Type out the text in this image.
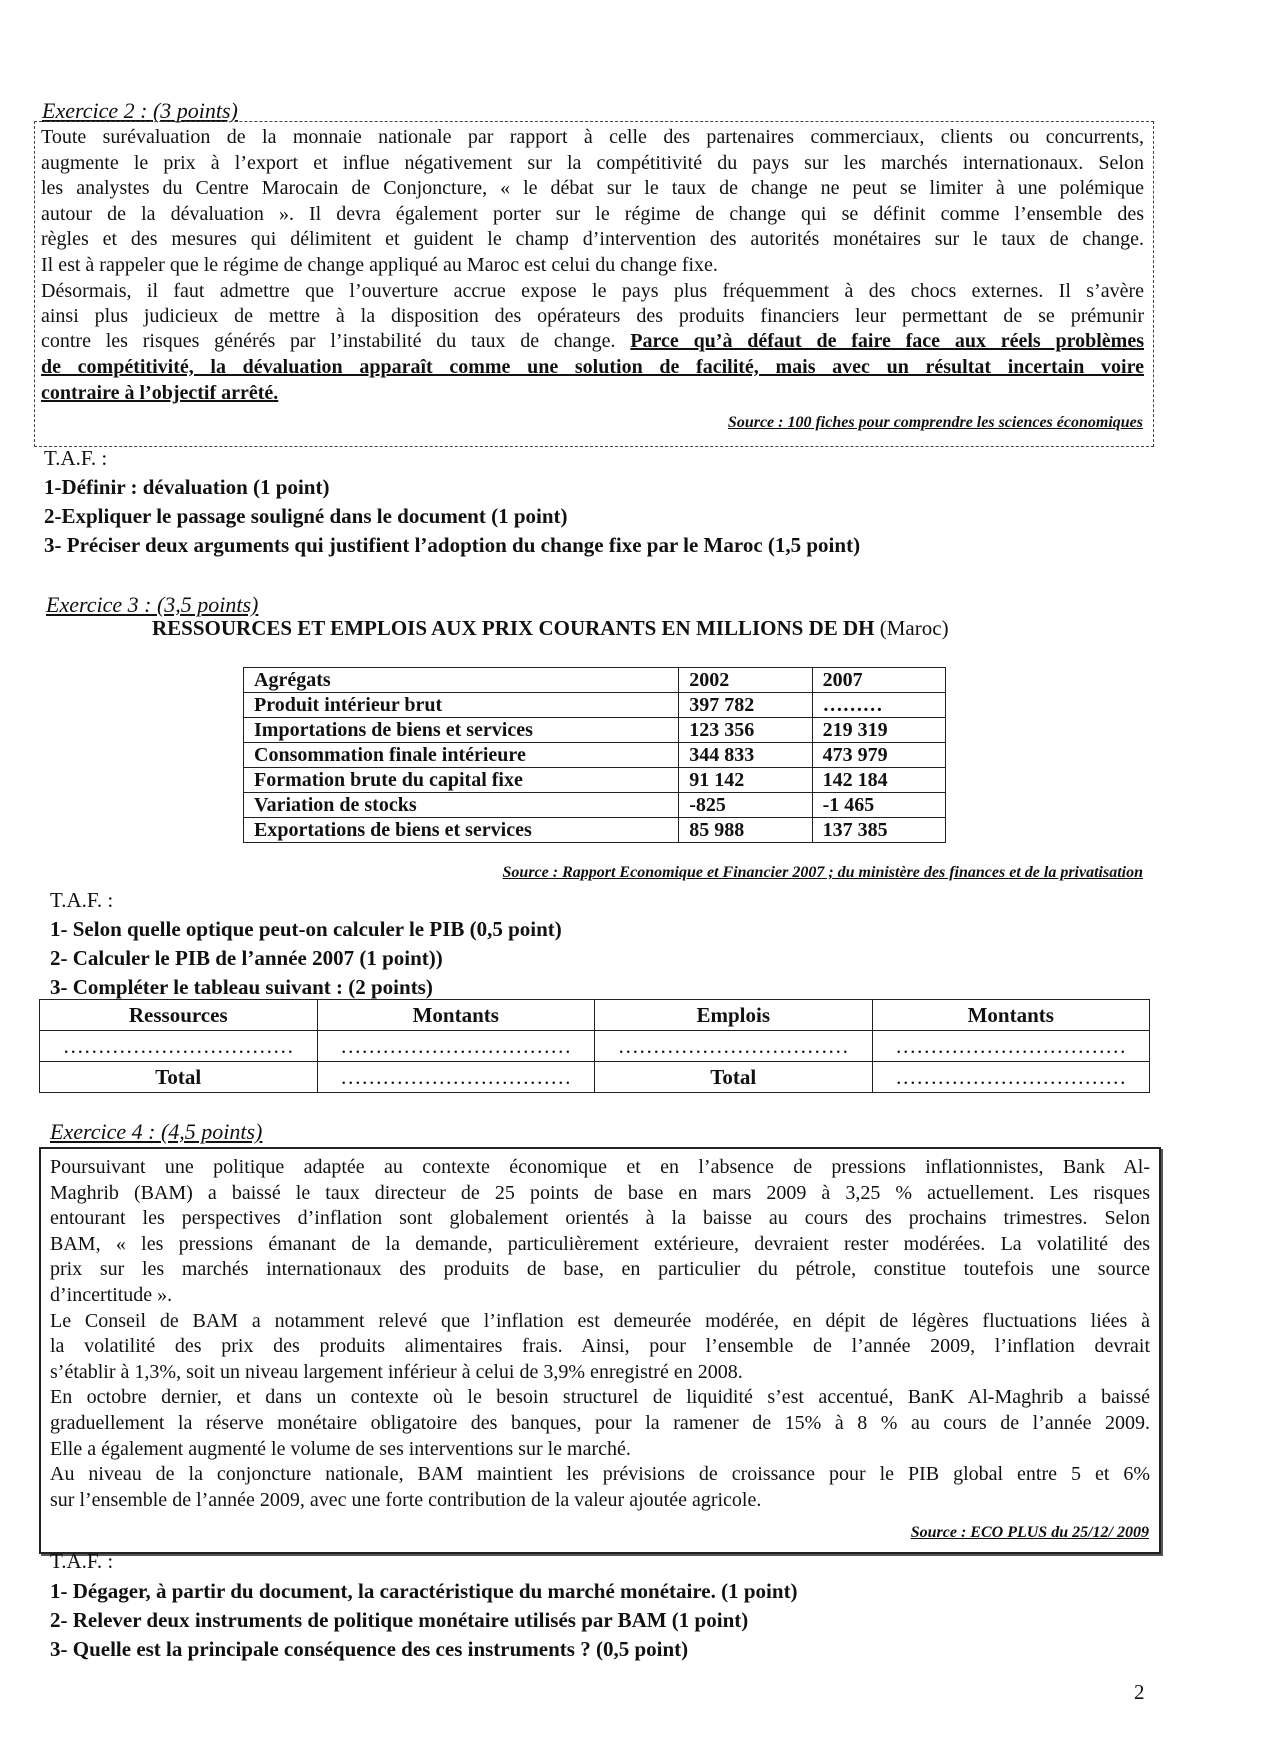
Exercice 2 : (3 points)
Toute surévaluation de la monnaie nationale par rapport à celle des partenaires commerciaux, clients ou concurrents,
augmente le prix à l’export et influe négativement sur la compétitivité du pays sur les marchés internationaux. Selon
les analystes du Centre Marocain de Conjoncture, « le débat sur le taux de change ne peut se limiter à une polémique
autour de la dévaluation ». Il devra également porter sur le régime de change qui se définit comme l’ensemble des
règles et des mesures qui délimitent et guident le champ d’intervention des autorités monétaires sur le taux de change.
Il est à rappeler que le régime de change appliqué au Maroc est celui du change fixe.
Désormais, il faut admettre que l’ouverture accrue expose le pays plus fréquemment à des chocs externes. Il s’avère
ainsi plus judicieux de mettre à la disposition des opérateurs des produits financiers leur permettant de se prémunir
contre les risques générés par l’instabilité du taux de change. Parce qu’à défaut de faire face aux réels problèmes
de compétitivité, la dévaluation apparaît comme une solution de facilité, mais avec un résultat incertain voire
contraire à l’objectif arrêté.
Source : 100 fiches pour comprendre les sciences économiques
T.A.F. :
1-Définir : dévaluation (1 point)
2-Expliquer le passage souligné dans le document (1 point)
3- Préciser deux arguments qui justifient l’adoption du change fixe par le Maroc (1,5 point)
Exercice 3 : (3,5 points)
RESSOURCES ET EMPLOIS AUX PRIX COURANTS EN MILLIONS DE DH (Maroc)
Agrégats	2002	2007
Produit intérieur brut	397 782	………
Importations de biens et services	123 356	219 319
Consommation finale intérieure	344 833	473 979
Formation brute du capital fixe	91 142	142 184
Variation de stocks	-825	-1 465
Exportations de biens et services	85 988	137 385
Source : Rapport Economique et Financier 2007 ; du ministère des finances et de la privatisation
T.A.F. :
1- Selon quelle optique peut-on calculer le PIB (0,5 point)
2- Calculer le PIB de l’année 2007 (1 point))
3- Compléter le tableau suivant : (2 points)
Ressources	Montants	Emplois	Montants
……………………………	……………………………	……………………………	……………………………
Total	……………………………	Total	……………………………
Exercice 4 : (4,5 points)
Poursuivant une politique adaptée au contexte économique et en l’absence de pressions inflationnistes, Bank Al-
Maghrib (BAM) a baissé le taux directeur de 25 points de base en mars 2009 à 3,25 % actuellement. Les risques
entourant les perspectives d’inflation sont globalement orientés à la baisse au cours des prochains trimestres. Selon
BAM, « les pressions émanant de la demande, particulièrement extérieure, devraient rester modérées. La volatilité des
prix sur les marchés internationaux des produits de base, en particulier du pétrole, constitue toutefois une source
d’incertitude ».
Le Conseil de BAM a notamment relevé que l’inflation est demeurée modérée, en dépit de légères fluctuations liées à
la volatilité des prix des produits alimentaires frais. Ainsi, pour l’ensemble de l’année 2009, l’inflation devrait
s’établir à 1,3%, soit un niveau largement inférieur à celui de 3,9% enregistré en 2008.
En octobre dernier, et dans un contexte où le besoin structurel de liquidité s’est accentué, BanK Al-Maghrib a baissé
graduellement la réserve monétaire obligatoire des banques, pour la ramener de 15% à 8 % au cours de l’année 2009.
Elle a également augmenté le volume de ses interventions sur le marché.
Au niveau de la conjoncture nationale, BAM maintient les prévisions de croissance pour le PIB global entre 5 et 6%
sur l’ensemble de l’année 2009, avec une forte contribution de la valeur ajoutée agricole.
Source : ECO PLUS du 25/12/ 2009
T.A.F. :
1- Dégager, à partir du document, la caractéristique du marché monétaire. (1 point)
2- Relever deux instruments de politique monétaire utilisés par BAM (1 point)
3- Quelle est la principale conséquence des ces instruments ? (0,5 point)
2
